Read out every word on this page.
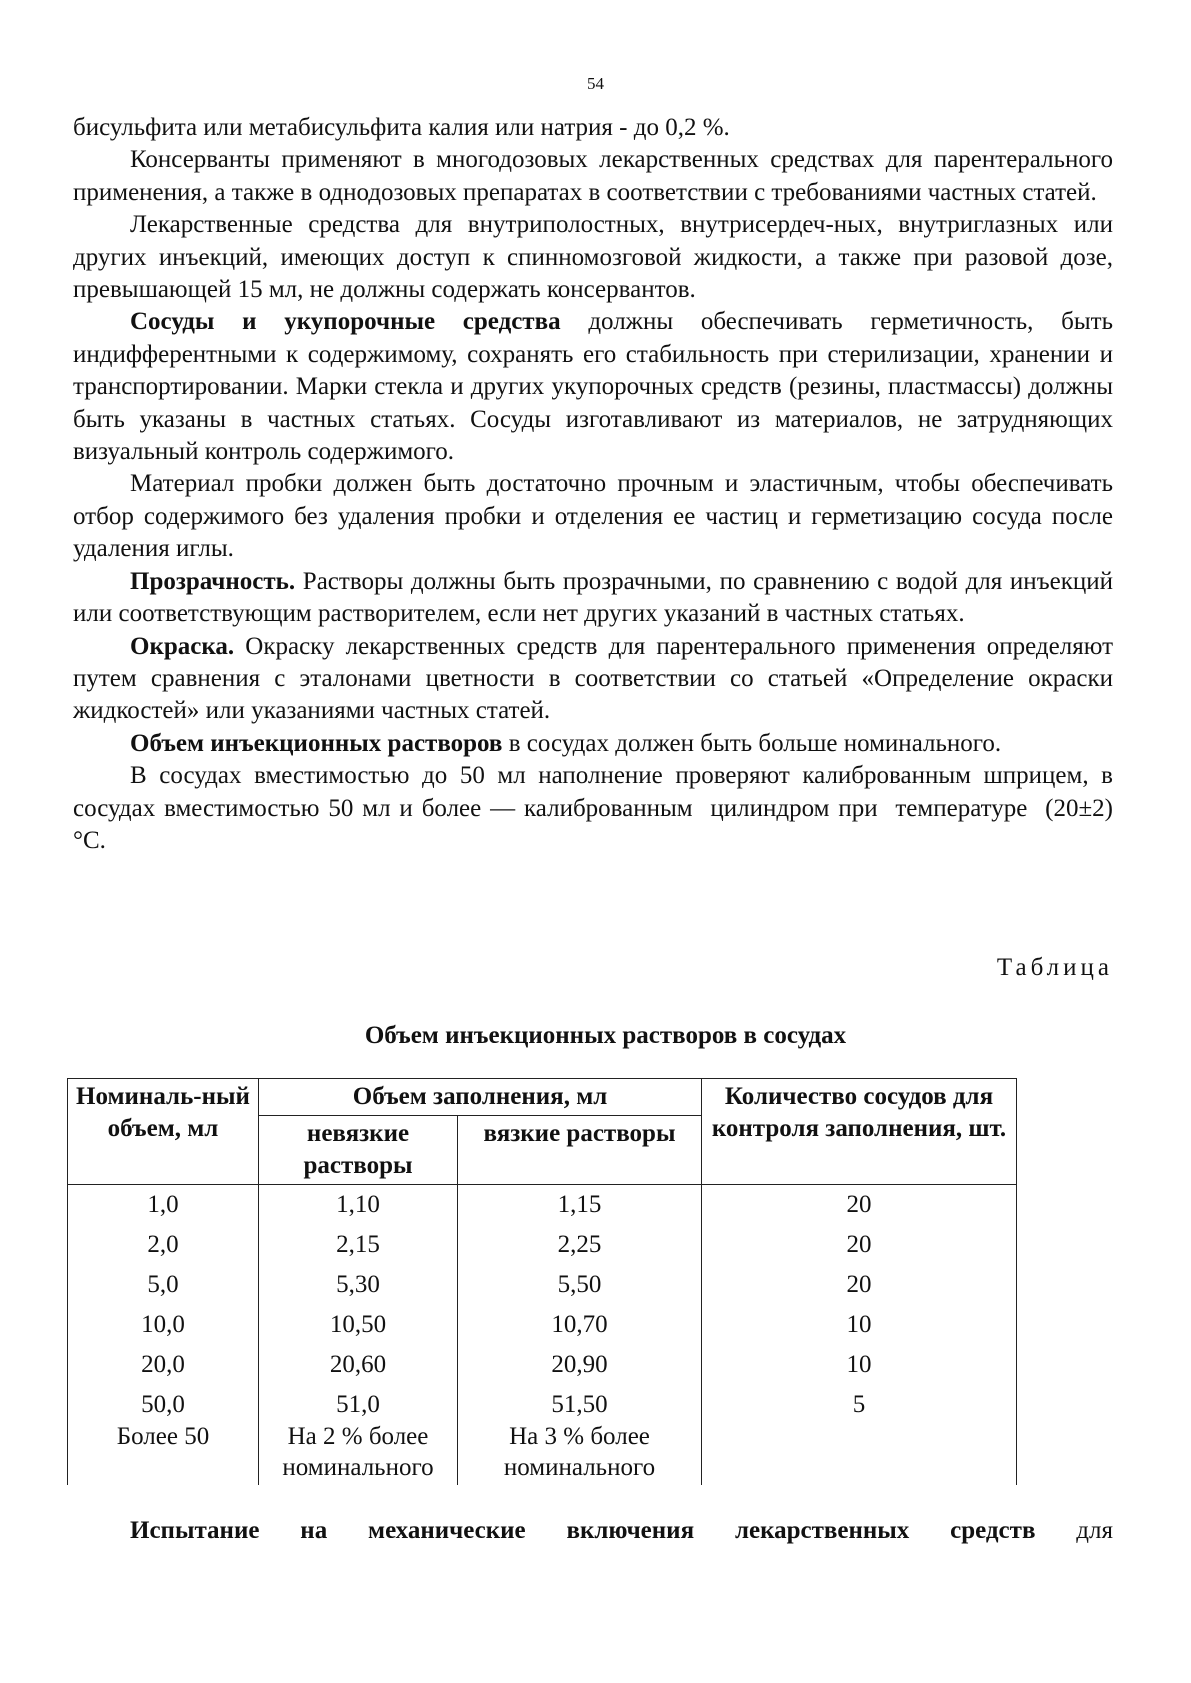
54

бисульфита или метабисульфита калия или натрия - до 0,2 %.

Консерванты применяют в многодозовых лекарственных средствах для парентерального применения, а также в однодозовых препаратах в соответствии с требованиями частных статей.

Лекарственные средства для внутриполостных, внутрисердеч-ных, внутриглазных или других инъекций, имеющих доступ к спинномозговой жидкости, а также при разовой дозе, превышающей 15 мл, не должны содержать консервантов.

Сосуды и укупорочные средства должны обеспечивать герметичность, быть индифферентными к содержимому, сохранять его стабильность при стерилизации, хранении и транспортировании. Марки стекла и других укупорочных средств (резины, пластмассы) должны быть указаны в частных статьях. Сосуды изготавливают из материалов, не затрудняющих визуальный контроль содержимого.

Материал пробки должен быть достаточно прочным и эластичным, чтобы обеспечивать отбор содержимого без удаления пробки и отделения ее частиц и герметизацию сосуда после удаления иглы.

Прозрачность. Растворы должны быть прозрачными, по сравнению с водой для инъекций или соответствующим растворителем, если нет других указаний в частных статьях.

Окраска. Окраску лекарственных средств для парентерального применения определяют путем сравнения с эталонами цветности в соответствии со статьей «Определение окраски жидкостей» или указаниями частных статей.

Объем инъекционных растворов в сосудах должен быть больше номинального.

В сосудах вместимостью до 50 мл наполнение проверяют калиброванным шприцем, в сосудах вместимостью 50 мл и более — калиброванным  цилиндром при  температуре  (20±2) °С.

Таблица
Объем инъекционных растворов в сосудах
Номиналь-ный объем, мл	Объем заполнения, мл		Количество сосудов для контроля заполнения, шт.
	невязкие растворы	вязкие растворы	
1,0	1,10	1,15	20
2,0	2,15	2,25	20
5,0	5,30	5,50	20
10,0	10,50	10,70	10
20,0	20,60	20,90	10
50,0	51,0	51,50	5
Более 50	На 2 % более номинального	На 3 % более номинального	
Испытание на механические включения лекарственных средств для
